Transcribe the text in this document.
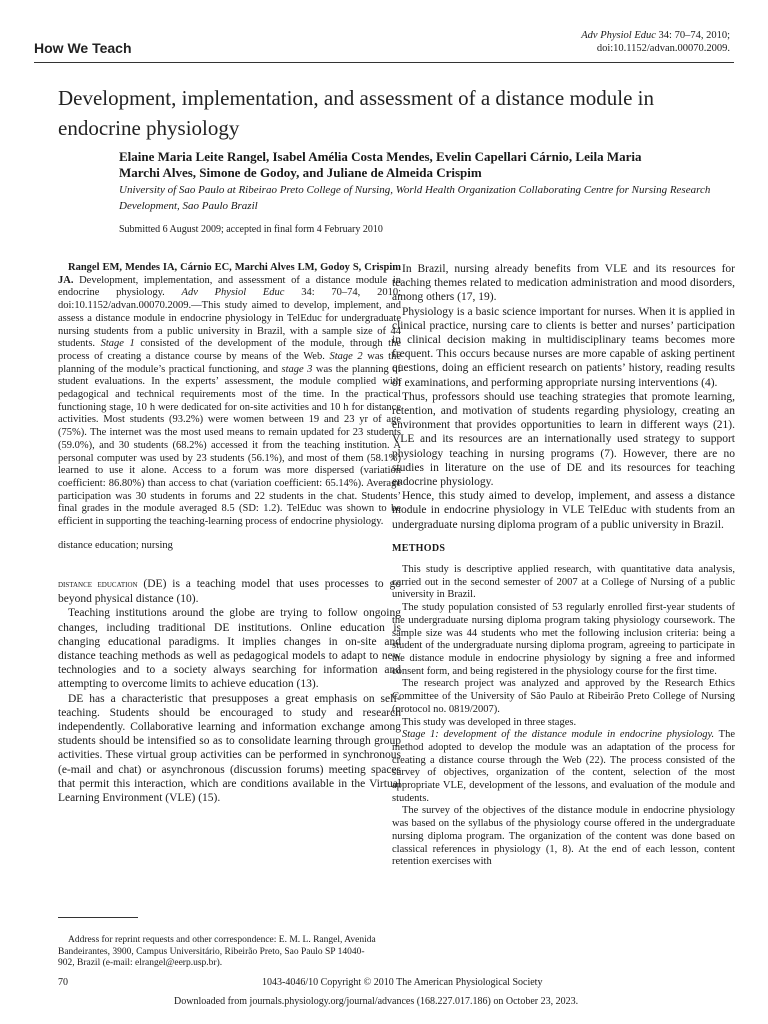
How We Teach
Adv Physiol Educ 34: 70–74, 2010;
doi:10.1152/advan.00070.2009.
Development, implementation, and assessment of a distance module in endocrine physiology
Elaine Maria Leite Rangel, Isabel Amélia Costa Mendes, Evelin Capellari Cárnio, Leila Maria Marchi Alves, Simone de Godoy, and Juliane de Almeida Crispim
University of Sao Paulo at Ribeirao Preto College of Nursing, World Health Organization Collaborating Centre for Nursing Research Development, Sao Paulo Brazil
Submitted 6 August 2009; accepted in final form 4 February 2010

Rangel EM, Mendes IA, Cárnio EC, Marchi Alves LM, Godoy S, Crispim JA. Development, implementation, and assessment of a distance module in endocrine physiology. Adv Physiol Educ 34: 70–74, 2010; doi:10.1152/advan.00070.2009.—This study aimed to develop, implement, and assess a distance module in endocrine physiology in TelEduc for undergraduate nursing students from a public university in Brazil, with a sample size of 44 students. Stage 1 consisted of the development of the module, through the process of creating a distance course by means of the Web. Stage 2 was the planning of the module’s practical functioning, and stage 3 was the planning of student evaluations. In the experts’ assessment, the module complied with pedagogical and technical requirements most of the time. In the practical functioning stage, 10 h were dedicated for on-site activities and 10 h for distance activities. Most students (93.2%) were women between 19 and 23 yr of age (75%). The internet was the most used means to remain updated for 23 students (59.0%), and 30 students (68.2%) accessed it from the teaching institution. A personal computer was used by 23 students (56.1%), and most of them (58.1%) learned to use it alone. Access to a forum was more dispersed (variation coefficient: 86.80%) than access to chat (variation coefficient: 65.14%). Average participation was 30 students in forums and 22 students in the chat. Students’ final grades in the module averaged 8.5 (SD: 1.2). TelEduc was shown to be efficient in supporting the teaching-learning process of endocrine physiology.

distance education; nursing

distance education (DE) is a teaching model that uses processes to go beyond physical distance (10).

Teaching institutions around the globe are trying to follow ongoing changes, including traditional DE institutions. Online education is changing educational paradigms. It implies changes in on-site and distance teaching methods as well as pedagogical models to adapt to new technologies and to a society always searching for information and attempting to overcome limits to achieve education (13).

DE has a characteristic that presupposes a great emphasis on self-teaching. Students should be encouraged to study and research independently. Collaborative learning and information exchange among students should be intensified so as to consolidate learning through group activities. These virtual group activities can be performed in synchronous (e-mail and chat) or asynchronous (discussion forums) meeting spaces that permit this interaction, which are conditions available in the Virtual Learning Environment (VLE) (15).

In Brazil, nursing already benefits from VLE and its resources for teaching themes related to medication administration and mood disorders, among others (17, 19).

Physiology is a basic science important for nurses. When it is applied in clinical practice, nursing care to clients is better and nurses’ participation in clinical decision making in multidisciplinary teams becomes more frequent. This occurs because nurses are more capable of asking pertinent questions, doing an efficient research on patients’ history, reading results of examinations, and performing appropriate nursing interventions (4).

Thus, professors should use teaching strategies that promote learning, retention, and motivation of students regarding physiology, creating an environment that provides opportunities to learn in different ways (21). VLE and its resources are an internationally used strategy to support physiology teaching in nursing programs (7). However, there are no studies in literature on the use of DE and its resources for teaching endocrine physiology.

Hence, this study aimed to develop, implement, and assess a distance module in endocrine physiology in VLE TelEduc with students from an undergraduate nursing diploma program of a public university in Brazil.

METHODS

This study is descriptive applied research, with quantitative data analysis, carried out in the second semester of 2007 at a College of Nursing of a public university in Brazil.

The study population consisted of 53 regularly enrolled first-year students of the undergraduate nursing diploma program taking physiology coursework. The sample size was 44 students who met the following inclusion criteria: being a student of the undergraduate nursing diploma program, agreeing to participate in the distance module in endocrine physiology by signing a free and informed consent form, and being registered in the physiology course for the first time.

The research project was analyzed and approved by the Research Ethics Committee of the University of São Paulo at Ribeirão Preto College of Nursing (protocol no. 0819/2007).

This study was developed in three stages.

Stage 1: development of the distance module in endocrine physiology. The method adopted to develop the module was an adaptation of the process for creating a distance course through the Web (22). The process consisted of the survey of objectives, organization of the content, selection of the most appropriate VLE, development of the lessons, and evaluation of the module and students.

The survey of the objectives of the distance module in endocrine physiology was based on the syllabus of the physiology course offered in the undergraduate nursing diploma program. The organization of the content was done based on classical references in physiology (1, 8). At the end of each lesson, content retention exercises with

Address for reprint requests and other correspondence: E. M. L. Rangel, Avenida Bandeirantes, 3900, Campus Universitário, Ribeirão Preto, Sao Paulo SP 14040-902, Brazil (e-mail: elrangel@eerp.usp.br).
70	1043-4046/10 Copyright © 2010 The American Physiological Society
Downloaded from journals.physiology.org/journal/advances (168.227.017.186) on October 23, 2023.
